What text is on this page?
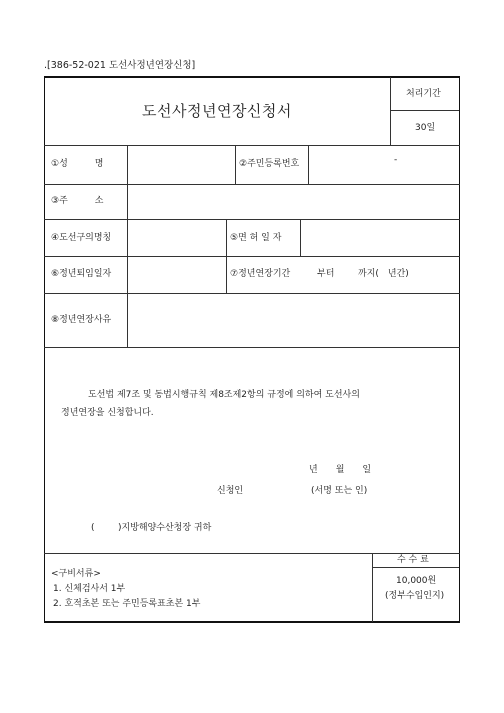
.[386-52-021 도선사정년연장신청]
도선사정년연장신청서
처리기간
30일
①성　　　명	②주민등록번호	-
③주　　　소
④도선구의명칭	⑤면 허 일 자
⑥정년퇴임일자	⑦정년연장기간	부터	까지(　년간)
⑧정년연장사유
도선법 제7조 및 동법시행규칙 제8조제2항의 규정에 의하여 도선사의
정년연장을 신청합니다.
년　　월　　일
신청인	(서명 또는 인)
(	)지방해양수산청장 귀하
<구비서류>
1. 신체검사서 1부
2. 호적초본 또는 주민등록표초본 1부
수 수 료
10,000원
(정부수입인지)
